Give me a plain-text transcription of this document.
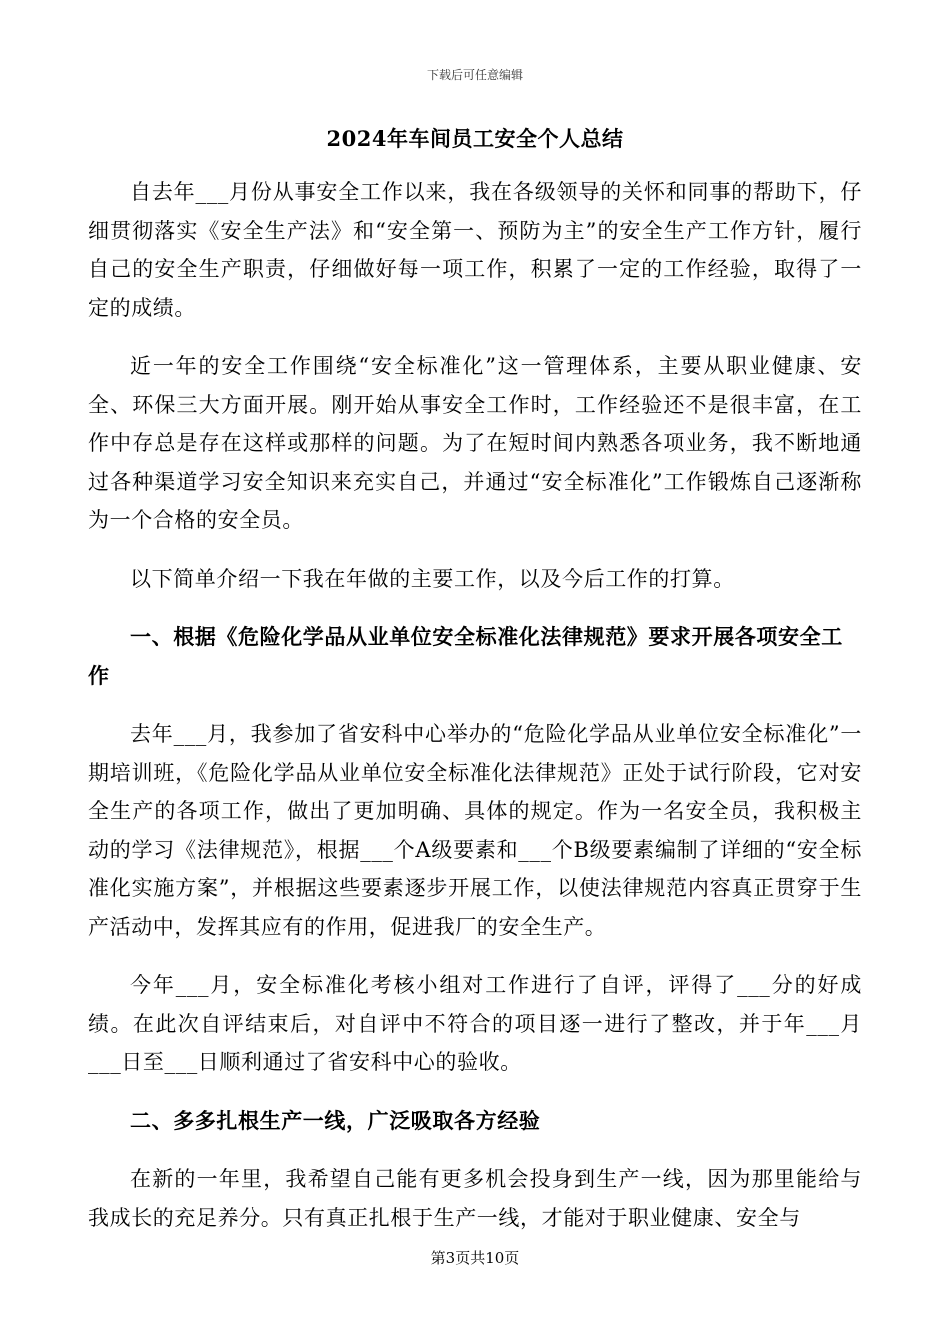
下载后可任意编辑
2024年车间员工安全个人总结

自去年___月份从事安全工作以来，我在各级领导的关怀和同事的帮助下，仔细贯彻落实《安全生产法》和“安全第一、预防为主”的安全生产工作方针，履行自己的安全生产职责，仔细做好每一项工作，积累了一定的工作经验，取得了一定的成绩。

近一年的安全工作围绕“安全标准化”这一管理体系，主要从职业健康、安全、环保三大方面开展。刚开始从事安全工作时，工作经验还不是很丰富，在工作中存总是存在这样或那样的问题。为了在短时间内熟悉各项业务，我不断地通过各种渠道学习安全知识来充实自己，并通过“安全标准化”工作锻炼自己逐渐称为一个合格的安全员。

以下简单介绍一下我在年做的主要工作，以及今后工作的打算。

一、根据《危险化学品从业单位安全标准化法律规范》要求开展各项安全工作

去年___月，我参加了省安科中心举办的“危险化学品从业单位安全标准化”一期培训班，《危险化学品从业单位安全标准化法律规范》正处于试行阶段，它对安全生产的各项工作，做出了更加明确、具体的规定。作为一名安全员，我积极主动的学习《法律规范》，根据___个A级要素和___个B级要素编制了详细的“安全标准化实施方案”，并根据这些要素逐步开展工作，以使法律规范内容真正贯穿于生产活动中，发挥其应有的作用，促进我厂的安全生产。

今年___月，安全标准化考核小组对工作进行了自评，评得了___分的好成绩。在此次自评结束后，对自评中不符合的项目逐一进行了整改，并于年___月___日至___日顺利通过了省安科中心的验收。

二、多多扎根生产一线，广泛吸取各方经验

在新的一年里，我希望自己能有更多机会投身到生产一线，因为那里能给与我成长的充足养分。只有真正扎根于生产一线，才能对于职业健康、安全与

第3页共10页
